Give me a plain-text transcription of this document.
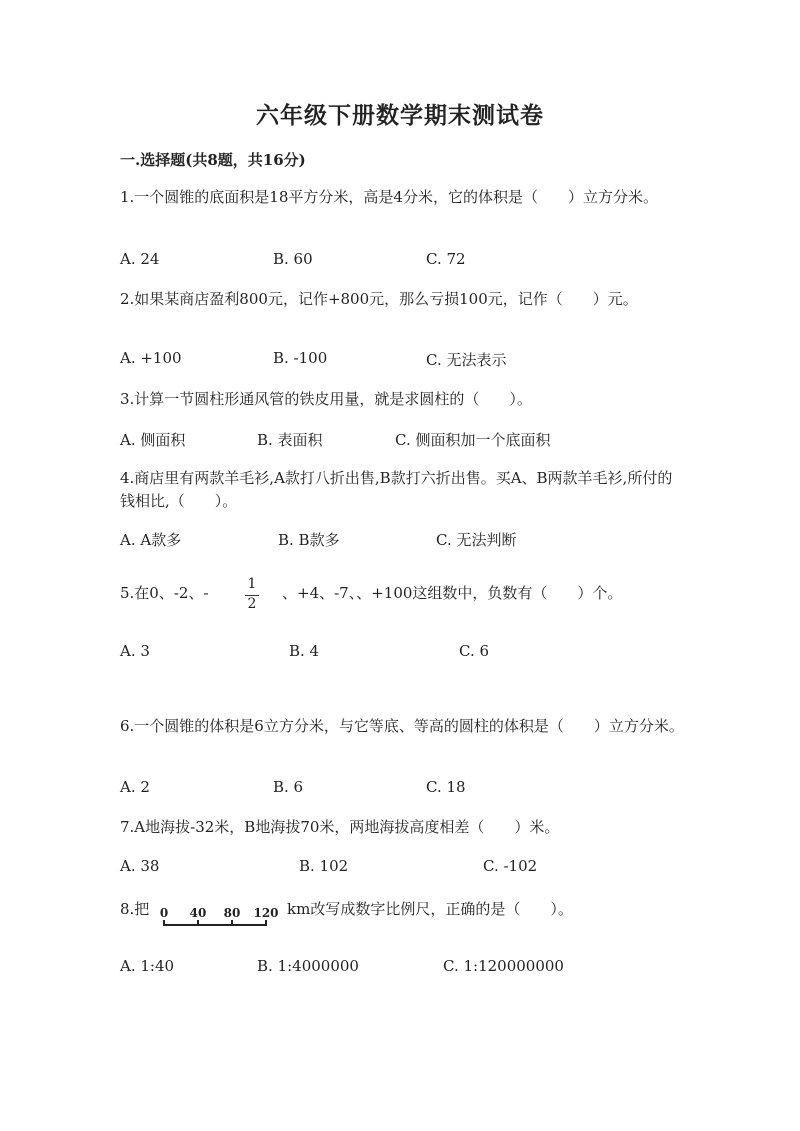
六年级下册数学期末测试卷
一.选择题(共8题，共16分)
1.一个圆锥的底面积是18平方分米，高是4分米，它的体积是（　　）立方分米。
A. 24	B. 60	C. 72
2.如果某商店盈利800元，记作+800元，那么亏损100元，记作（　　）元。
A. +100	B. -100	C. 无法表示
3.计算一节圆柱形通风管的铁皮用量，就是求圆柱的（　　）。
A. 侧面积	B. 表面积	C. 侧面积加一个底面积
4.商店里有两款羊毛衫,A款打八折出售,B款打六折出售。买A、B两款羊毛衫,所付的钱相比,（　　）。
A. A款多	B. B款多	C. 无法判断
5.在0、-2、-	1
2
、+4、-7、、+100这组数中，负数有（　　）个。
A. 3	B. 4	C. 6
6.一个圆锥的体积是6立方分米，与它等底、等高的圆柱的体积是（　　）立方分米。
A. 2	B. 6	C. 18
7.A地海拔-32米，B地海拔70米，两地海拔高度相差（　　）米。
A. 38	B. 102	C. -102
8.把 0 40 80 120 km改写成数字比例尺，正确的是（　　）。
A. 1:40	B. 1:4000000	C. 1:120000000
